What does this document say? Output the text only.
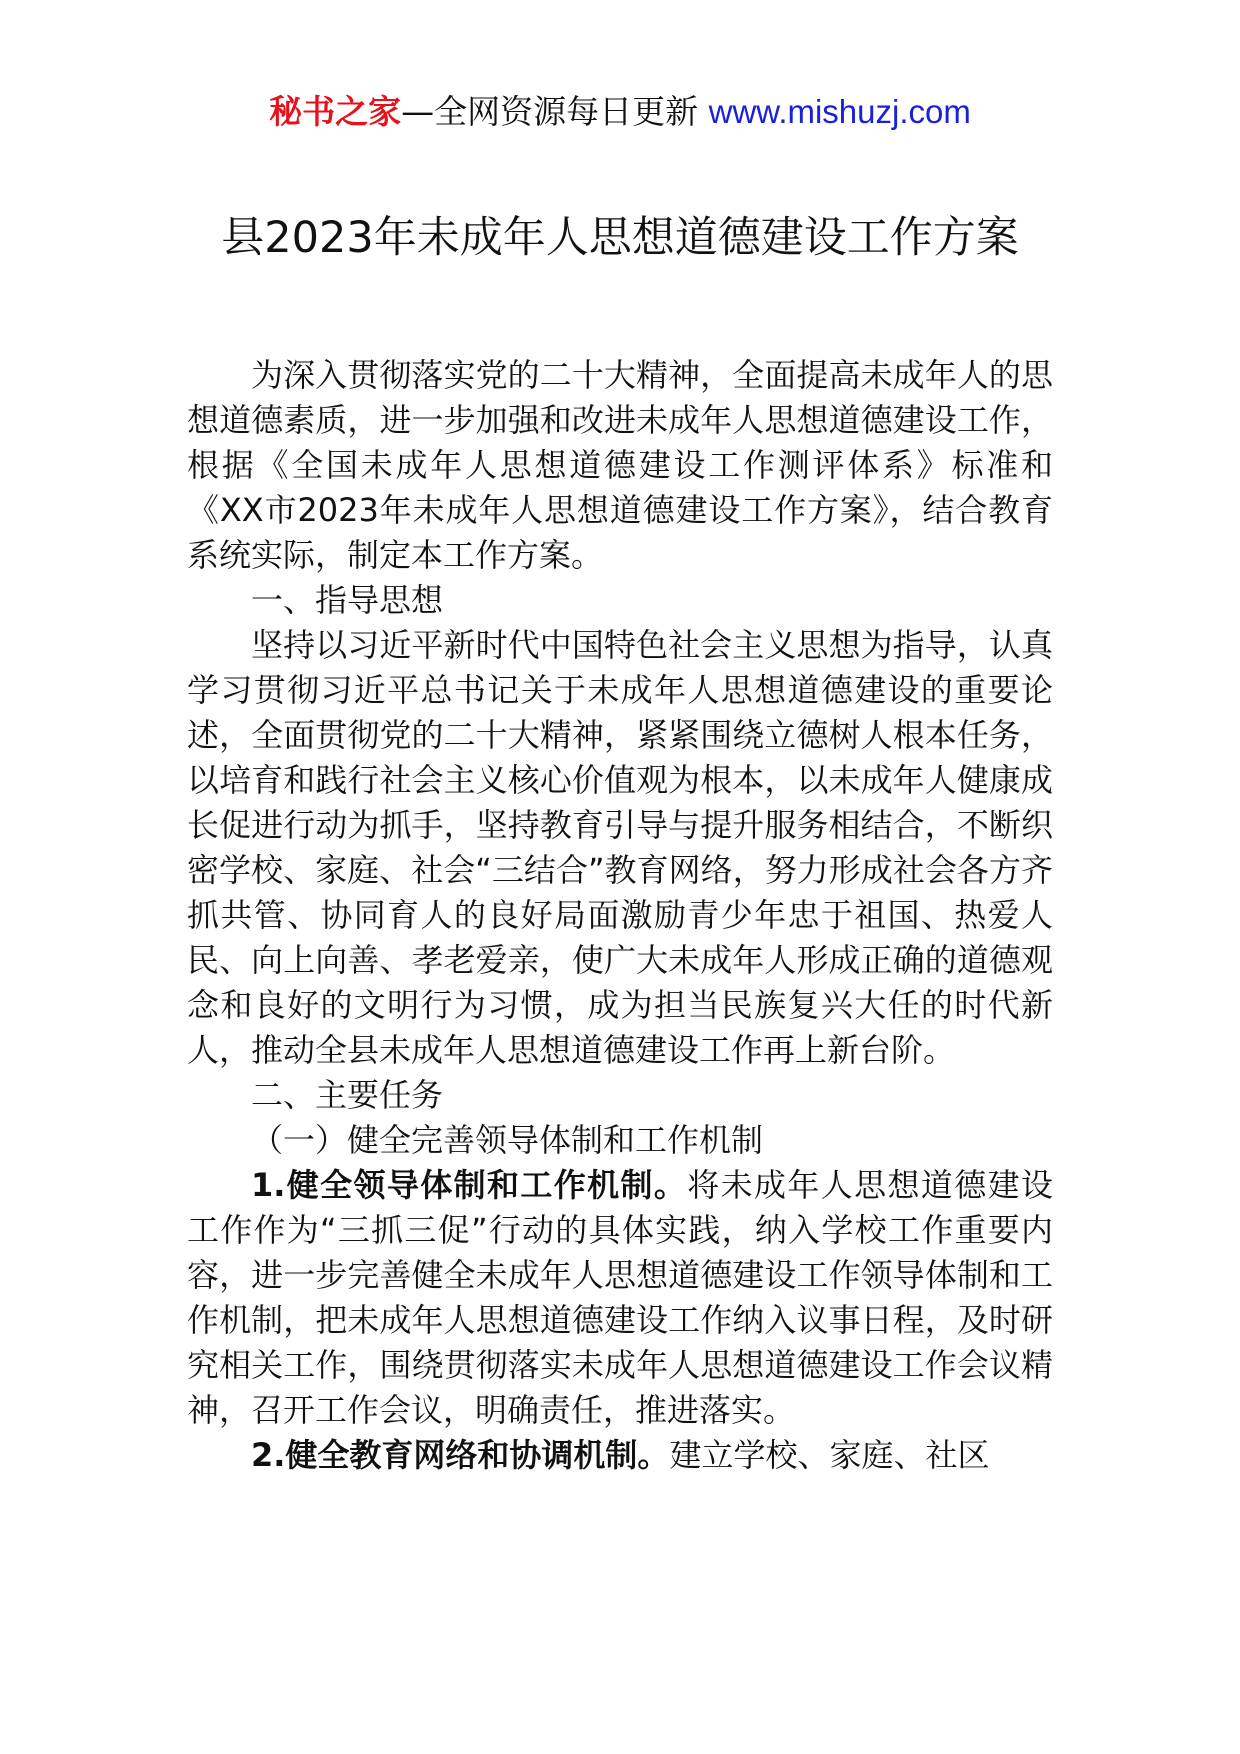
秘书之家—全网资源每日更新 www.mishuzj.com
县2023年未成年人思想道德建设工作方案

为深入贯彻落实党的二十大精神，全面提高未成年人的思想道德素质，进一步加强和改进未成年人思想道德建设工作，根据《全国未成年人思想道德建设工作测评体系》标准和《XX市2023年未成年人思想道德建设工作方案》，结合教育系统实际，制定本工作方案。

一、指导思想

坚持以习近平新时代中国特色社会主义思想为指导，认真学习贯彻习近平总书记关于未成年人思想道德建设的重要论述，全面贯彻党的二十大精神，紧紧围绕立德树人根本任务，以培育和践行社会主义核心价值观为根本，以未成年人健康成长促进行动为抓手，坚持教育引导与提升服务相结合，不断织密学校、家庭、社会“三结合”教育网络，努力形成社会各方齐抓共管、协同育人的良好局面激励青少年忠于祖国、热爱人民、向上向善、孝老爱亲，使广大未成年人形成正确的道德观念和良好的文明行为习惯，成为担当民族复兴大任的时代新人，推动全县未成年人思想道德建设工作再上新台阶。

二、主要任务

（一）健全完善领导体制和工作机制

1.健全领导体制和工作机制。将未成年人思想道德建设工作作为“三抓三促”行动的具体实践，纳入学校工作重要内容，进一步完善健全未成年人思想道德建设工作领导体制和工作机制，把未成年人思想道德建设工作纳入议事日程，及时研究相关工作，围绕贯彻落实未成年人思想道德建设工作会议精神，召开工作会议，明确责任，推进落实。

2.健全教育网络和协调机制。建立学校、家庭、社区
